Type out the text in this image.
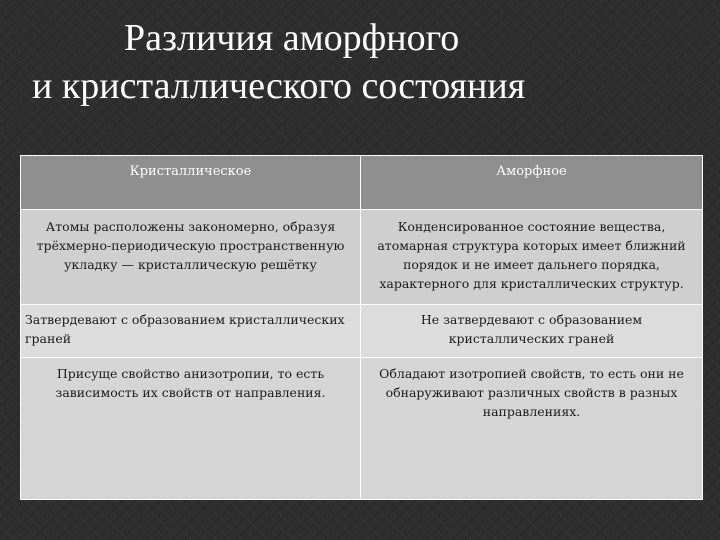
Различия аморфного
и кристаллического состояния
Кристаллическое	Аморфное

Атомы расположены закономерно, образуя трёхмерно-периодическую пространственную укладку — кристаллическую решётку	Конденсированное состояние вещества, атомарная структура которых имеет ближний порядок и не имеет дальнего порядка, характерного для кристаллических структур.

Затвердевают с образованием кристаллических граней	Не затвердевают с образованием кристаллических граней

Присуще свойство анизотропии, то есть зависимость их свойств от направления.	Обладают изотропией свойств, то есть они не обнаруживают различных свойств в разных направлениях.
